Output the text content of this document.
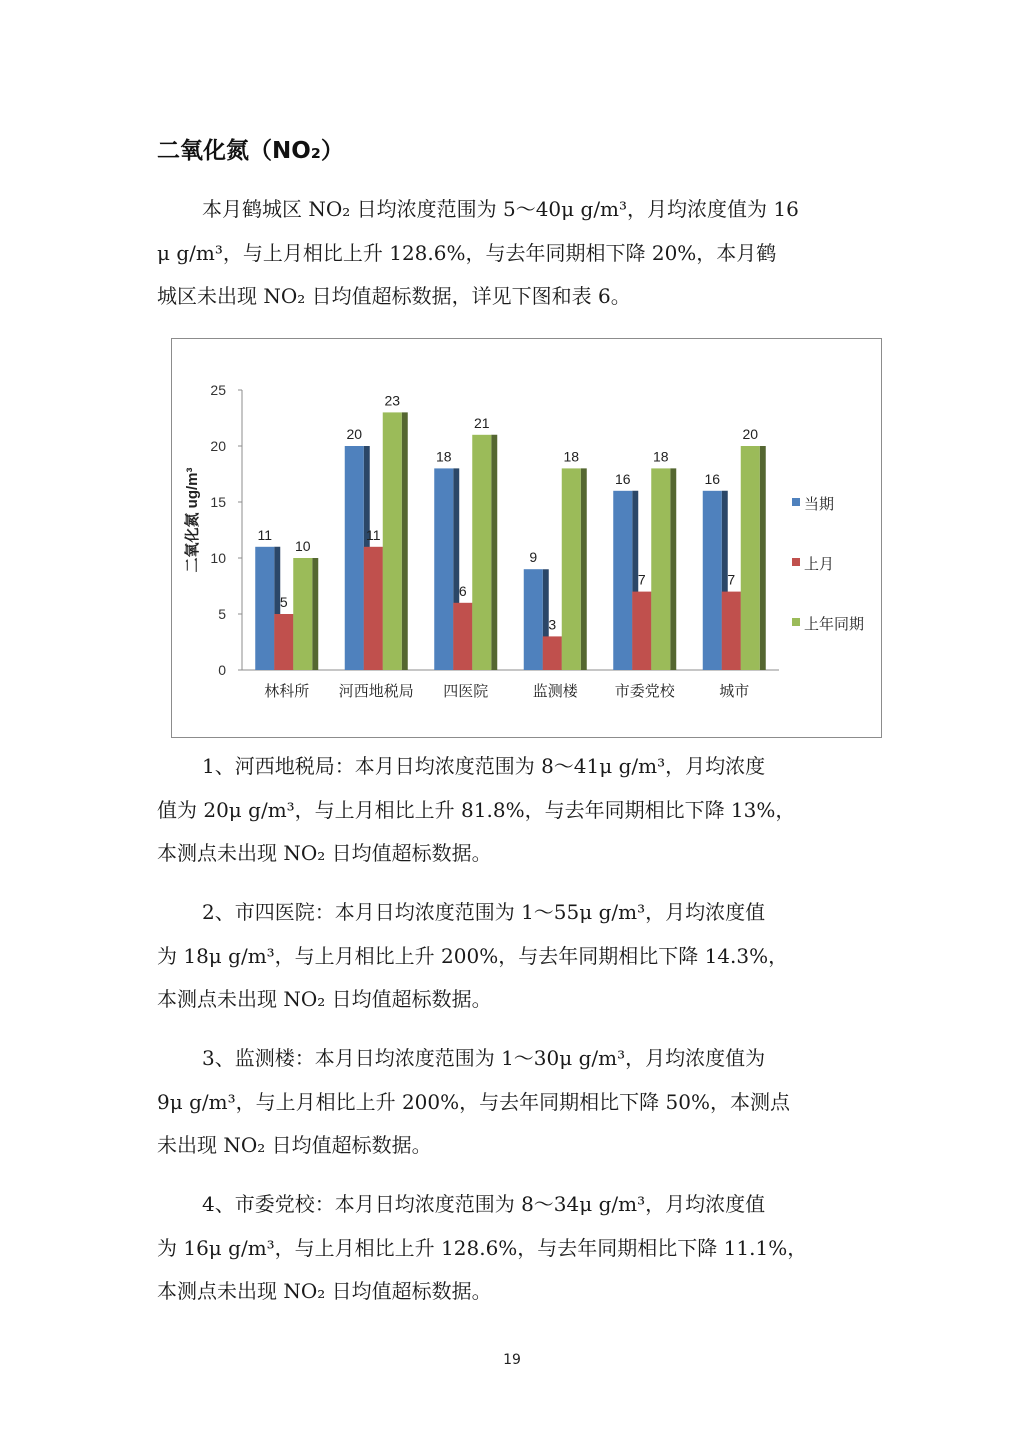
二氧化氮（NO₂）

本月鹤城区 NO₂ 日均浓度范围为 5～40μ g/m³，月均浓度值为 16
μ g/m³，与上月相比上升 128.6%，与去年同期相下降 20%，本月鹤
城区未出现 NO₂ 日均值超标数据，详见下图和表 6。

0
5
10
15
20
25
二氧化氮 ug/m³	11
5
10
林科所
20
11
23
河西地税局
18
6
21
四医院
9
3
18
监测楼
16
7
18
市委党校
16
7
20
城市
当期
上月
上年同期

1、河西地税局：本月日均浓度范围为 8～41μ g/m³，月均浓度
值为 20μ g/m³，与上月相比上升 81.8%，与去年同期相比下降 13%，
本测点未出现 NO₂ 日均值超标数据。

2、市四医院：本月日均浓度范围为 1～55μ g/m³，月均浓度值
为 18μ g/m³，与上月相比上升 200%，与去年同期相比下降 14.3%，
本测点未出现 NO₂ 日均值超标数据。

3、监测楼：本月日均浓度范围为 1～30μ g/m³，月均浓度值为
9μ g/m³，与上月相比上升 200%，与去年同期相比下降 50%，本测点
未出现 NO₂ 日均值超标数据。

4、市委党校：本月日均浓度范围为 8～34μ g/m³，月均浓度值
为 16μ g/m³，与上月相比上升 128.6%，与去年同期相比下降 11.1%，
本测点未出现 NO₂ 日均值超标数据。

19
